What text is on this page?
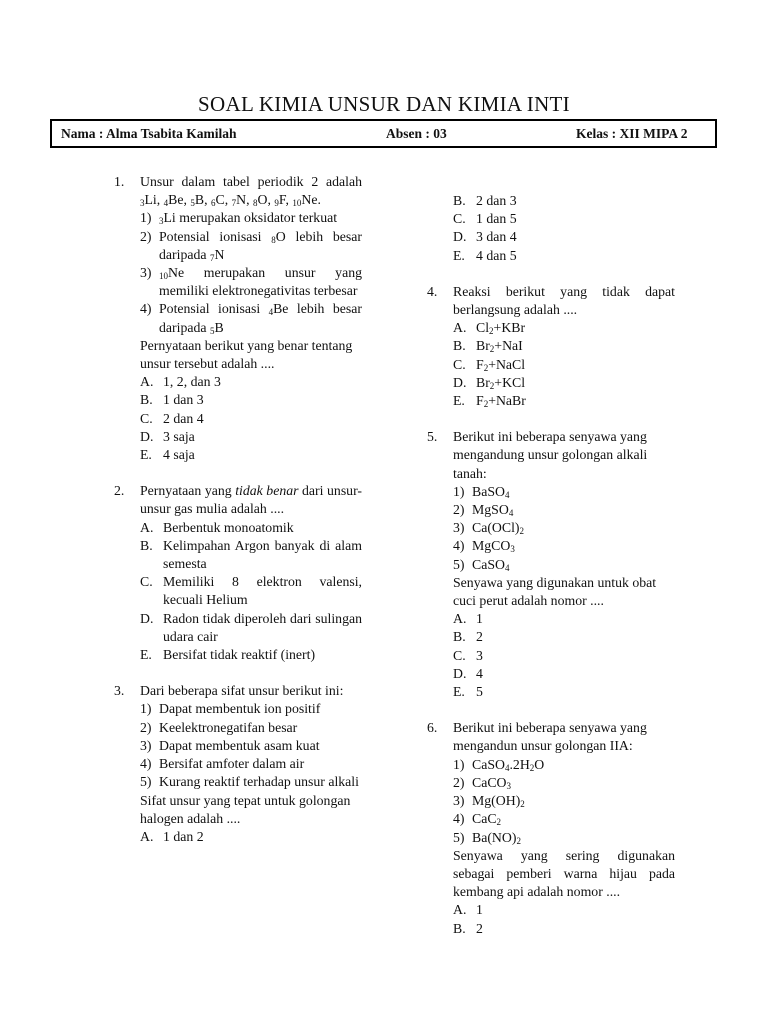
SOAL KIMIA UNSUR DAN KIMIA INTI
Nama : Alma Tsabita Kamilah	Absen : 03	Kelas : XII MIPA 2
1. Unsur dalam tabel periodik 2 adalah $_3$Li, $_4$Be, $_5$B, $_6$C, $_7$N, $_8$O, $_9$F, $_{10}$Ne.
1) $_3$Li merupakan oksidator terkuat
2) Potensial ionisasi $_8$O lebih besar daripada $_7$N
3) $_{10}$Ne merupakan unsur yang memiliki elektronegativitas terbesar
4) Potensial ionisasi $_4$Be lebih besar daripada $_5$B
Pernyataan berikut yang benar tentang unsur tersebut adalah ....
A. 1, 2, dan 3
B. 1 dan 3
C. 2 dan 4
D. 3 saja
E. 4 saja
2. Pernyataan yang tidak benar dari unsur-unsur gas mulia adalah ....
A. Berbentuk monoatomik
B. Kelimpahan Argon banyak di alam semesta
C. Memiliki 8 elektron valensi, kecuali Helium
D. Radon tidak diperoleh dari sulingan udara cair
E. Bersifat tidak reaktif (inert)
3. Dari beberapa sifat unsur berikut ini:
1) Dapat membentuk ion positif
2) Keelektronegatifan besar
3) Dapat membentuk asam kuat
4) Bersifat amfoter dalam air
5) Kurang reaktif terhadap unsur alkali
Sifat unsur yang tepat untuk golongan halogen adalah ....
A. 1 dan 2
B. 2 dan 3
C. 1 dan 5
D. 3 dan 4
E. 4 dan 5
4. Reaksi berikut yang tidak dapat berlangsung adalah ....
A. $Cl_2+KBr$
B. $Br_2+NaI$
C. $F_2+NaCl$
D. $Br_2+KCl$
E. $F_2+NaBr$
5. Berikut ini beberapa senyawa yang mengandung unsur golongan alkali tanah:
1) BaSO$_4$
2) MgSO$_4$
3) $Ca(OCl)_2$
4) MgCO$_3$
5) CaSO$_4$
Senyawa yang digunakan untuk obat cuci perut adalah nomor ....
A. 1
B. 2
C. 3
D. 4
E. 5
6. Berikut ini beberapa senyawa yang mengandun unsur golongan IIA:
1) $CaSO_4.2H_2O$
2) CaCO$_3$
3) $Mg(OH)_2$
4) CaC$_2$
5) $Ba(NO)_2$
Senyawa yang sering digunakan sebagai pemberi warna hijau pada kembang api adalah nomor ....
A. 1
B. 2
